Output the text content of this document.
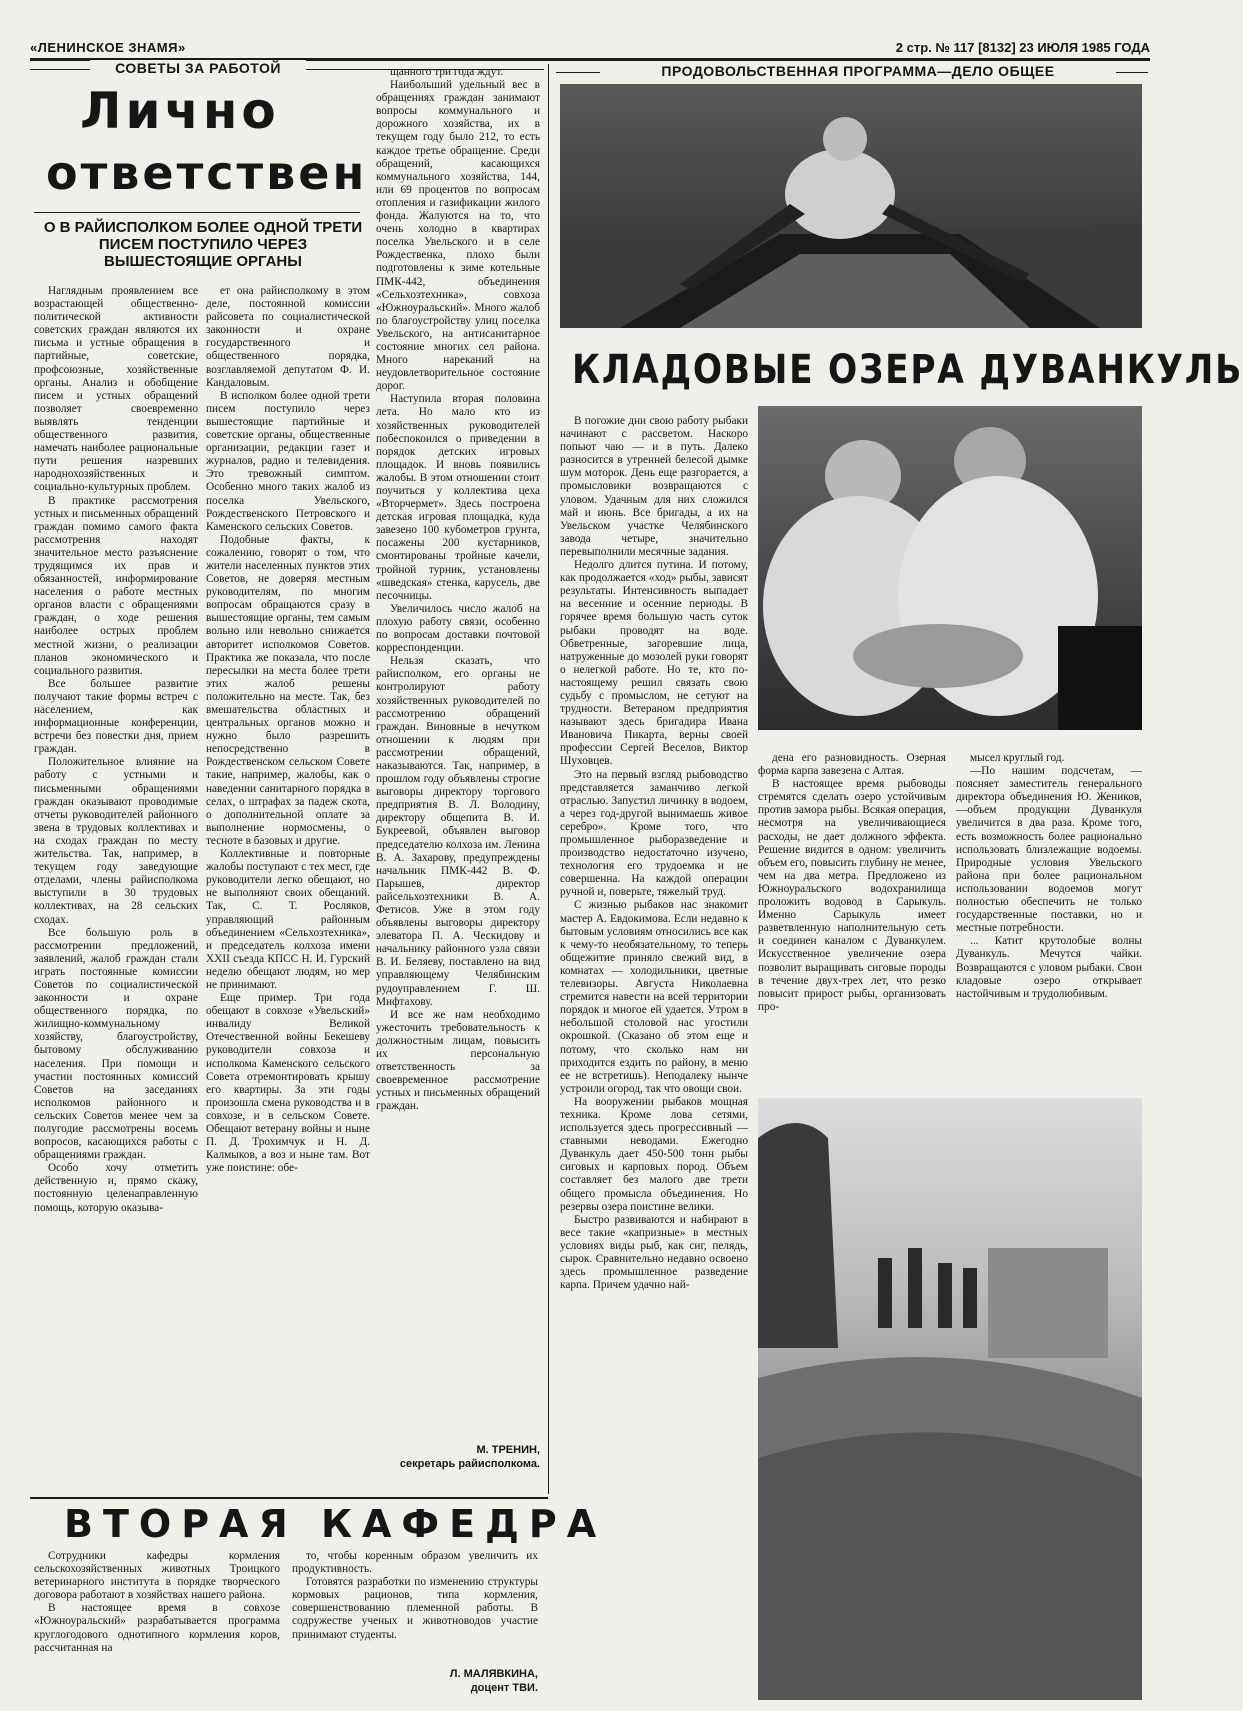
«ЛЕНИНСКОЕ ЗНАМЯ»	2 стр. № 117 [8132] 23 ИЮЛЯ 1985 ГОДА
СОВЕТЫ ЗА РАБОТОЙ
Лично
ответствен
О В РАЙИСПОЛКОМ БОЛЕЕ ОДНОЙ ТРЕТИ ПИСЕМ ПОСТУПИЛО ЧЕРЕЗ ВЫШЕСТОЯЩИЕ ОРГАНЫ

Наглядным проявлением все возрастающей общественно-политической активности советских граждан являются их письма и устные обращения в партийные, советские, профсоюзные, хозяйственные органы. Анализ и обобщение писем и устных обращений позволяет своевременно выявлять тенденции общественного развития, намечать наиболее рациональные пути решения назревших народнохозяйственных и социально-культурных проблем.

В практике рассмотрения устных и письменных обращений граждан помимо самого факта рассмотрения находят значительное место разъяснение трудящимся их прав и обязанностей, информирование населения о работе местных органов власти с обращениями граждан, о ходе решения наиболее острых проблем местной жизни, о реализации планов экономического и социального развития.

Все большее развитие получают такие формы встреч с населением, как информационные конференции, встречи без повестки дня, прием граждан.

Положительное влияние на работу с устными и письменными обращениями граждан оказывают проводимые отчеты руководителей районного звена в трудовых коллективах и на сходах граждан по месту жительства. Так, например, в текущем году заведующие отделами, члены райисполкома выступили в 30 трудовых коллективах, на 28 сельских сходах.

Все большую роль в рассмотрении предложений, заявлений, жалоб граждан стали играть постоянные комиссии Советов по социалистической законности и охране общественного порядка, по жилищно-коммунальному хозяйству, благоустройству, бытовому обслуживанию населения. При помощи и участии постоянных комиссий Советов на заседаниях исполкомов районного и сельских Советов менее чем за полугодие рассмотрены восемь вопросов, касающихся работы с обращениями граждан.

Особо хочу отметить действенную и, прямо скажу, постоянную целенаправленную помощь, которую оказыва-

ет она райисполкому в этом деле, постоянной комиссии райсовета по социалистической законности и охране государственного и общественного порядка, возглавляемой депутатом Ф. И. Кандаловым.

В исполком более одной трети писем поступило через вышестоящие партийные и советские органы, общественные организации, редакции газет и журналов, радио и телевидения. Это тревожный симптом. Особенно много таких жалоб из поселка Увельского, Рождественского Петровского и Каменского сельских Советов.

Подобные факты, к сожалению, говорят о том, что жители населенных пунктов этих Советов, не доверяя местным руководителям, по многим вопросам обращаются сразу в вышестоящие органы, тем самым вольно или невольно снижается авторитет исполкомов Советов. Практика же показала, что после пересылки на места более трети этих жалоб решены положительно на месте. Так, без вмешательства областных и центральных органов можно и нужно было разрешить непосредственно в Рождественском сельском Совете такие, например, жалобы, как о наведении санитарного порядка в селах, о штрафах за падеж скота, о дополнительной оплате за выполнение нормосмены, о тесноте в базовых и другие.

Коллективные и повторные жалобы поступают с тех мест, где руководители легко обещают, но не выполняют своих обещаний. Так, С. Т. Росляков, управляющий районным объединением «Сельхозтехника», и председатель колхоза имени XXII съезда КПСС Н. И. Гурский неделю обещают людям, но мер не принимают.

Еще пример. Три года обещают в совхозе «Увельский» инвалиду Великой Отечественной войны Бекешеву руководители совхоза и исполкома Каменского сельского Совета отремонтировать крышу его квартиры. За эти годы произошла смена руководства и в совхозе, и в сельском Совете. Обещают ветерану войны и ныне П. Д. Трохимчук и Н. Д. Калмыков, а воз и ныне там. Вот уже поистине: обе-

щанного три года ждут.

Наибольший удельный вес в обращениях граждан занимают вопросы коммунального и дорожного хозяйства, их в текущем году было 212, то есть каждое третье обращение. Среди обращений, касающихся коммунального хозяйства, 144, или 69 процентов по вопросам отопления и газификации жилого фонда. Жалуются на то, что очень холодно в квартирах поселка Увельского и в селе Рождественка, плохо были подготовлены к зиме котельные ПМК-442, объединения «Сельхозтехника», совхоза «Южноуральский». Много жалоб по благоустройству улиц поселка Увельского, на антисанитарное состояние многих сел района. Много нареканий на неудовлетворительное состояние дорог.

Наступила вторая половина лета. Но мало кто из хозяйственных руководителей побеспокоился о приведении в порядок детских игровых площадок. И вновь появились жалобы. В этом отношении стоит поучиться у коллектива цеха «Вторчермет». Здесь построена детская игровая площадка, куда завезено 100 кубометров грунта, посажены 200 кустарников, смонтированы тройные качели, тройной турник, установлены «шведская» стенка, карусель, две песочницы.

Увеличилось число жалоб на плохую работу связи, особенно по вопросам доставки почтовой корреспонденции.

Нельзя сказать, что райисполком, его органы не контролируют работу хозяйственных руководителей по рассмотрению обращений граждан. Виновные в нечутком отношении к людям при рассмотрении обращений, наказываются. Так, например, в прошлом году объявлены строгие выговоры директору торгового предприятия В. Л. Володину, директору общепита В. И. Букреевой, объявлен выговор председателю колхоза им. Ленина В. А. Захарову, предупреждены начальник ПМК-442 В. Ф. Парышев, директор райсельхозтехники В. А. Фетисов. Уже в этом году объявлены выговоры директору элеватора П. А. Ческидову и начальнику районного узла связи В. И. Беляеву, поставлено на вид управляющему Челябинским рудоуправлением Г. Ш. Мифтахову.

И все же нам необходимо ужесточить требовательность к должностным лицам, повысить их персональную ответственность за своевременное рассмотрение устных и письменных обращений граждан.

М. ТРЕНИН,
секретарь райисполкома.
ВТОРАЯ КАФЕДРА

Сотрудники кафедры кормления сельскохозяйственных животных Троицкого ветеринарного института в порядке творческого договора работают в хозяйствах нашего района.

В настоящее время в совхозе «Южноуральский» разрабатывается программа круглогодового однотипного кормления коров, рассчитанная на

то, чтобы коренным образом увеличить их продуктивность.

Готовятся разработки по изменению структуры кормовых рационов, типа кормления, совершенствованию племенной работы. В содружестве ученых и животноводов участие принимают студенты.

Л. МАЛЯВКИНА,
доцент ТВИ.
ПРОДОВОЛЬСТВЕННАЯ ПРОГРАММА—ДЕЛО ОБЩЕЕ
КЛАДОВЫЕ ОЗЕРА ДУВАНКУЛЬ

В погожие дни свою работу рыбаки начинают с рассветом. Наскоро попьют чаю — и в путь. Далеко разносится в утренней белесой дымке шум моторок. День еще разгорается, а промысловики возвращаются с уловом. Удачным для них сложился май и июнь. Все бригады, а их на Увельском участке Челябинского завода четыре, значительно перевыполнили месячные задания.

Недолго длится путина. И потому, как продолжается «ход» рыбы, зависят результаты. Интенсивность выпадает на весенние и осенние периоды. В горячее время большую часть суток рыбаки проводят на воде. Обветренные, загоревшие лица, натруженные до мозолей руки говорят о нелегкой работе. Но те, кто по-настоящему решил связать свою судьбу с промыслом, не сетуют на трудности. Ветераном предприятия называют здесь бригадира Ивана Ивановича Пикарта, верны своей профессии Сергей Веселов, Виктор Шуховцев.

Это на первый взгляд рыбоводство представляется заманчиво легкой отраслью. Запустил личинку в водоем, а через год-другой вынимаешь живое серебро». Кроме того, что промышленное рыборазведение и производство недостаточно изучено, технология его трудоемка и не совершенна. На каждой операции ручной и, поверьте, тяжелый труд.

С жизнью рыбаков нас знакомит мастер А. Евдокимова. Если недавно к бытовым условиям относились все как к чему-то необязательному, то теперь общежитие приняло свежий вид, в комнатах — холодильники, цветные телевизоры. Августа Николаевна стремится навести на всей территории порядок и многое ей удается. Утром в небольшой столовой нас угостили окрошкой. (Сказано об этом еще и потому, что сколько нам ни приходится ездить по району, в меню ее не встретишь). Неподалеку нынче устроили огород, так что овощи свои.

На вооружении рыбаков мощная техника. Кроме лова сетями, используется здесь прогрессивный — ставными неводами. Ежегодно Дуванкуль дает 450-500 тонн рыбы сиговых и карповых пород. Объем составляет без малого две трети общего промысла объединения. Но резервы озера поистине велики.

Быстро развиваются и набирают в весе такие «капризные» в местных условиях виды рыб, как сиг, пелядь, сырок. Сравнительно недавно освоено здесь промышленное разведение карпа. Причем удачно най-

дена его разновидность. Озерная форма карпа завезена с Алтая.

В настоящее время рыбоводы стремятся сделать озеро устойчивым против замора рыбы. Всякая операция, несмотря на увеличивающиеся расходы, не дает должного эффекта. Решение видится в одном: увеличить объем его, повысить глубину не менее, чем на два метра. Предложено из Южноуральского водохранилища проложить водовод в Сарыкуль. Именно Сарыкуль имеет разветвленную наполнительную сеть и соединен каналом с Дуванкулем. Искусственное увеличение озера позволит выращивать сиговые породы в течение двух-трех лет, что резко повысит прирост рыбы, организовать про-

мысел круглый год.

—По нашим подсчетам, —поясняет заместитель генерального директора объединения Ю. Жеников, —объем продукции Дуванкуля увеличится в два раза. Кроме того, есть возможность более рационально использовать близлежащие водоемы. Природные условия Увельского района при более рациональном использовании водоемов могут полностью обеспечить не только государственные поставки, но и местные потребности.

... Катит крутолобые волны Дуванкуль. Мечутся чайки. Возвращаются с уловом рыбаки. Свои кладовые озеро открывает настойчивым и трудолюбивым.
